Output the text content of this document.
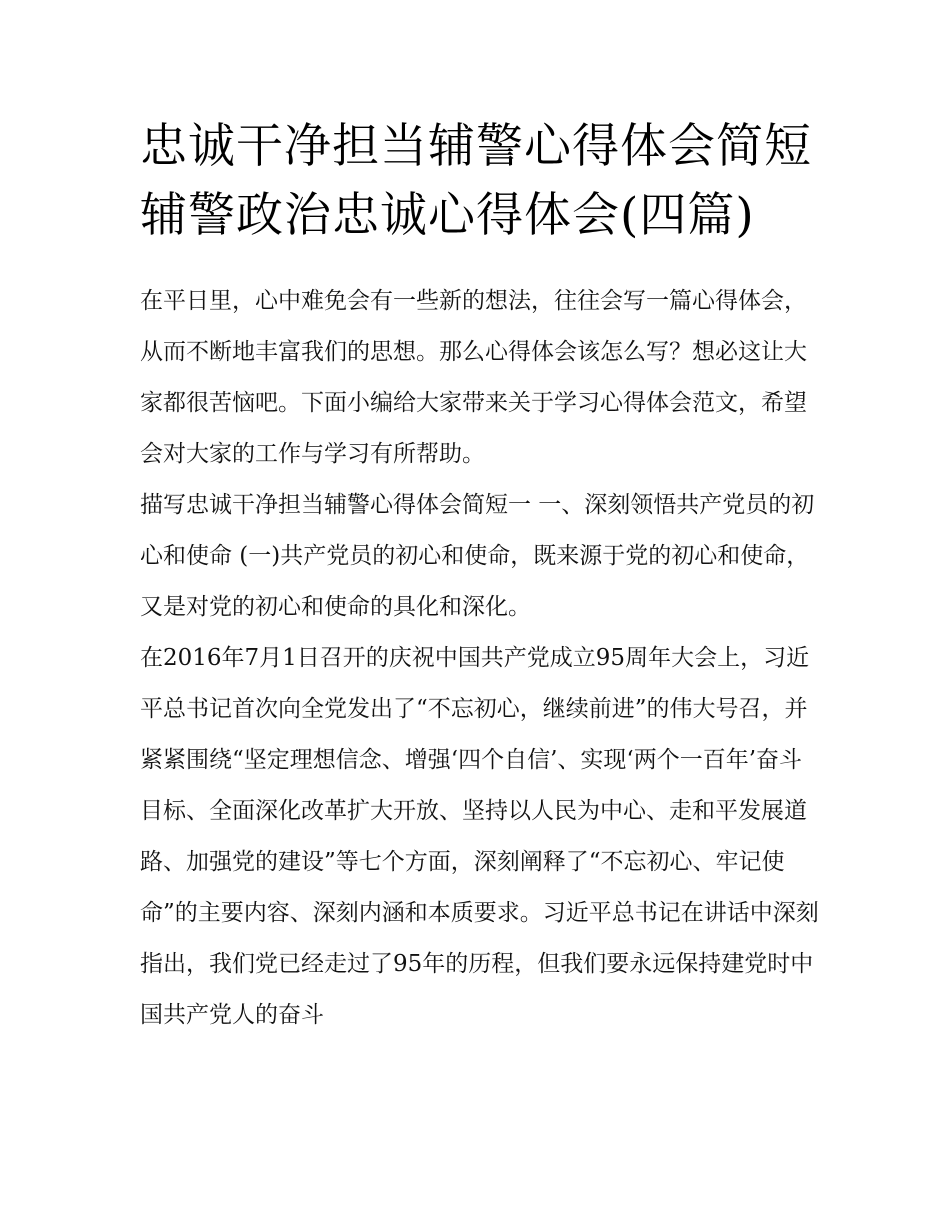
忠诚干净担当辅警心得体会简短 辅警政治忠诚心得体会(四篇)

在平日里，心中难免会有一些新的想法，往往会写一篇心得体会，从而不断地丰富我们的思想。那么心得体会该怎么写？想必这让大家都很苦恼吧。下面小编给大家带来关于学习心得体会范文，希望会对大家的工作与学习有所帮助。

描写忠诚干净担当辅警心得体会简短一 一、深刻领悟共产党员的初心和使命 (一)共产党员的初心和使命，既来源于党的初心和使命，又是对党的初心和使命的具化和深化。

在2016年7月1日召开的庆祝中国共产党成立95周年大会上，习近平总书记首次向全党发出了“不忘初心，继续前进”的伟大号召，并紧紧围绕“坚定理想信念、增强‘四个自信’、实现‘两个一百年’奋斗目标、全面深化改革扩大开放、坚持以人民为中心、走和平发展道路、加强党的建设”等七个方面，深刻阐释了“不忘初心、牢记使命”的主要内容、深刻内涵和本质要求。习近平总书记在讲话中深刻指出，我们党已经走过了95年的历程，但我们要永远保持建党时中国共产党人的奋斗
